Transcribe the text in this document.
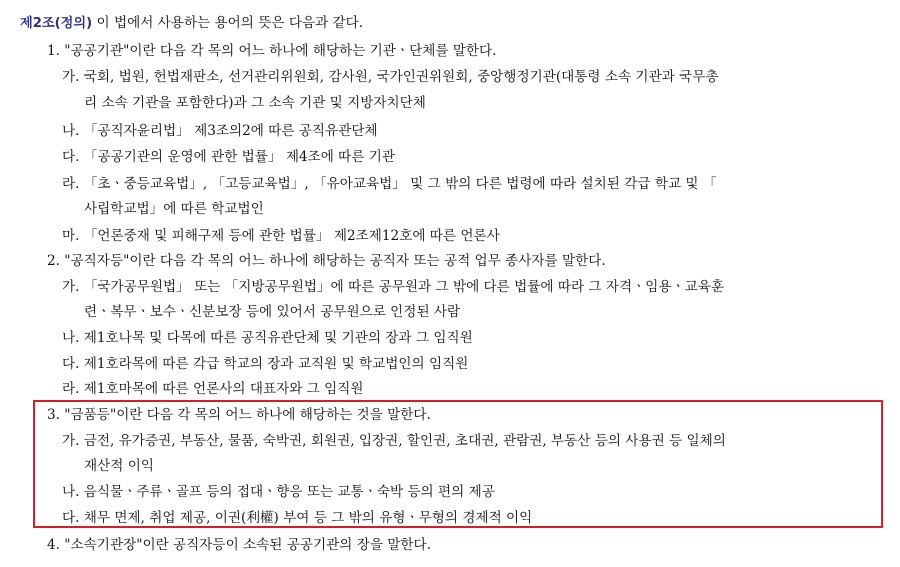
제2조(정의) 이 법에서 사용하는 용어의 뜻은 다음과 같다.
1. "공공기관"이란 다음 각 목의 어느 하나에 해당하는 기관ㆍ단체를 말한다.
가. 국회, 법원, 헌법재판소, 선거관리위원회, 감사원, 국가인권위원회, 중앙행정기관(대통령 소속 기관과 국무총
리 소속 기관을 포함한다)과 그 소속 기관 및 지방자치단체
나. 「공직자윤리법」 제3조의2에 따른 공직유관단체
다. 「공공기관의 운영에 관한 법률」 제4조에 따른 기관
라. 「초ㆍ중등교육법」, 「고등교육법」, 「유아교육법」 및 그 밖의 다른 법령에 따라 설치된 각급 학교 및 「
사립학교법」에 따른 학교법인
마. 「언론중재 및 피해구제 등에 관한 법률」 제2조제12호에 따른 언론사
2. "공직자등"이란 다음 각 목의 어느 하나에 해당하는 공직자 또는 공적 업무 종사자를 말한다.
가. 「국가공무원법」 또는 「지방공무원법」에 따른 공무원과 그 밖에 다른 법률에 따라 그 자격ㆍ임용ㆍ교육훈
련ㆍ복무ㆍ보수ㆍ신분보장 등에 있어서 공무원으로 인정된 사람
나. 제1호나목 및 다목에 따른 공직유관단체 및 기관의 장과 그 임직원
다. 제1호라목에 따른 각급 학교의 장과 교직원 및 학교법인의 임직원
라. 제1호마목에 따른 언론사의 대표자와 그 임직원
3. "금품등"이란 다음 각 목의 어느 하나에 해당하는 것을 말한다.
가. 금전, 유가증권, 부동산, 물품, 숙박권, 회원권, 입장권, 할인권, 초대권, 관람권, 부동산 등의 사용권 등 일체의
재산적 이익
나. 음식물ㆍ주류ㆍ골프 등의 접대ㆍ향응 또는 교통ㆍ숙박 등의 편의 제공
다. 채무 면제, 취업 제공, 이권(利權) 부여 등 그 밖의 유형ㆍ무형의 경제적 이익
4. "소속기관장"이란 공직자등이 소속된 공공기관의 장을 말한다.
